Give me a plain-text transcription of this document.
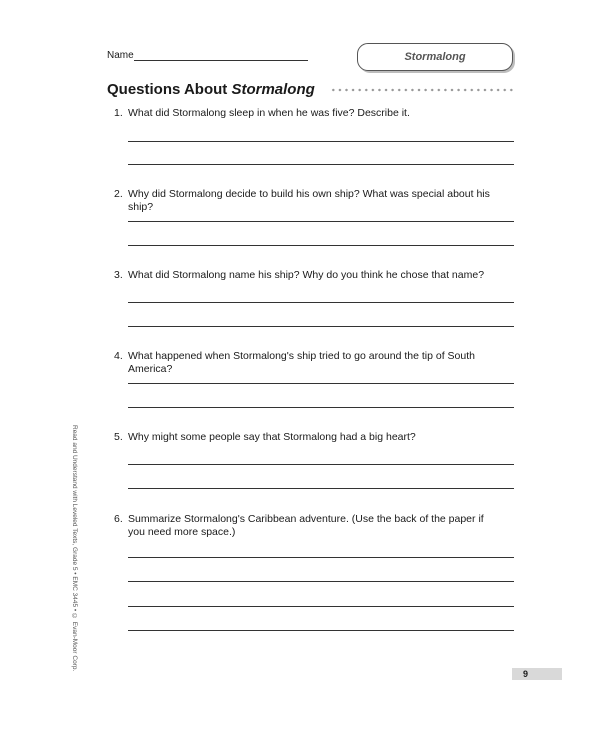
Name	Stormalong
Questions About Stormalong
1. What did Stormalong sleep in when he was five? Describe it.
2. Why did Stormalong decide to build his own ship? What was special about his ship?
3. What did Stormalong name his ship? Why do you think he chose that name?
4. What happened when Stormalong's ship tried to go around the tip of South America?
5. Why might some people say that Stormalong had a big heart?
6. Summarize Stormalong's Caribbean adventure. (Use the back of the paper if you need more space.)
Read and Understand with Leveled Texts, Grade 5 • EMC 3445 • © Evan-Moor Corp.
9
